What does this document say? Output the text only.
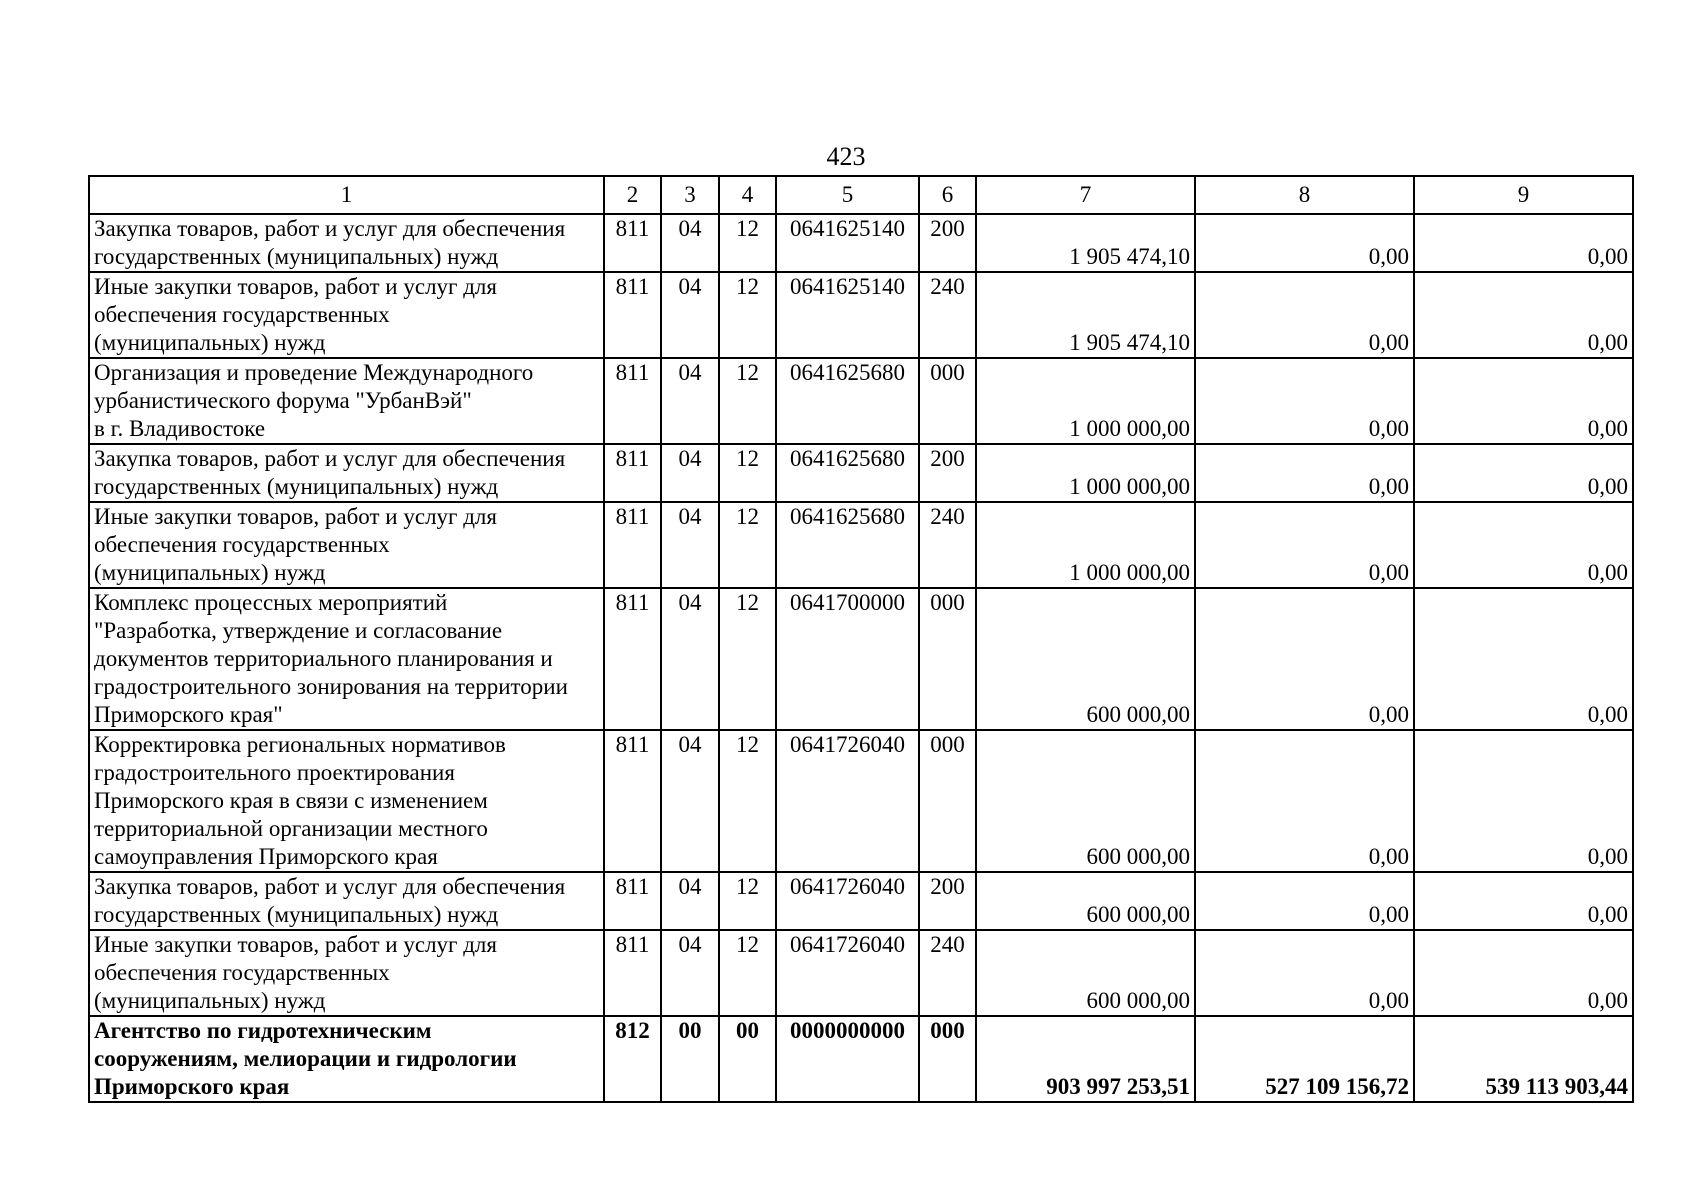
423
1	2	3	4	5	6	7	8	9
Закупка товаров, работ и услуг для обеспечения
государственных (муниципальных) нужд	811	04	12	0641625140	200	1 905 474,10	0,00	0,00
Иные закупки товаров, работ и услуг для
обеспечения государственных
(муниципальных) нужд	811	04	12	0641625140	240	1 905 474,10	0,00	0,00
Организация и проведение Международного
урбанистического форума "УрбанВэй"
в г. Владивостоке	811	04	12	0641625680	000	1 000 000,00	0,00	0,00
Закупка товаров, работ и услуг для обеспечения
государственных (муниципальных) нужд	811	04	12	0641625680	200	1 000 000,00	0,00	0,00
Иные закупки товаров, работ и услуг для
обеспечения государственных
(муниципальных) нужд	811	04	12	0641625680	240	1 000 000,00	0,00	0,00
Комплекс процессных мероприятий
"Разработка, утверждение и согласование
документов территориального планирования и
градостроительного зонирования на территории
Приморского края"	811	04	12	0641700000	000	600 000,00	0,00	0,00
Корректировка региональных нормативов
градостроительного проектирования
Приморского края в связи с изменением
территориальной организации местного
самоуправления Приморского края	811	04	12	0641726040	000	600 000,00	0,00	0,00
Закупка товаров, работ и услуг для обеспечения
государственных (муниципальных) нужд	811	04	12	0641726040	200	600 000,00	0,00	0,00
Иные закупки товаров, работ и услуг для
обеспечения государственных
(муниципальных) нужд	811	04	12	0641726040	240	600 000,00	0,00	0,00
Агентство по гидротехническим
сооружениям, мелиорации и гидрологии
Приморского края	812	00	00	0000000000	000	903 997 253,51	527 109 156,72	539 113 903,44
